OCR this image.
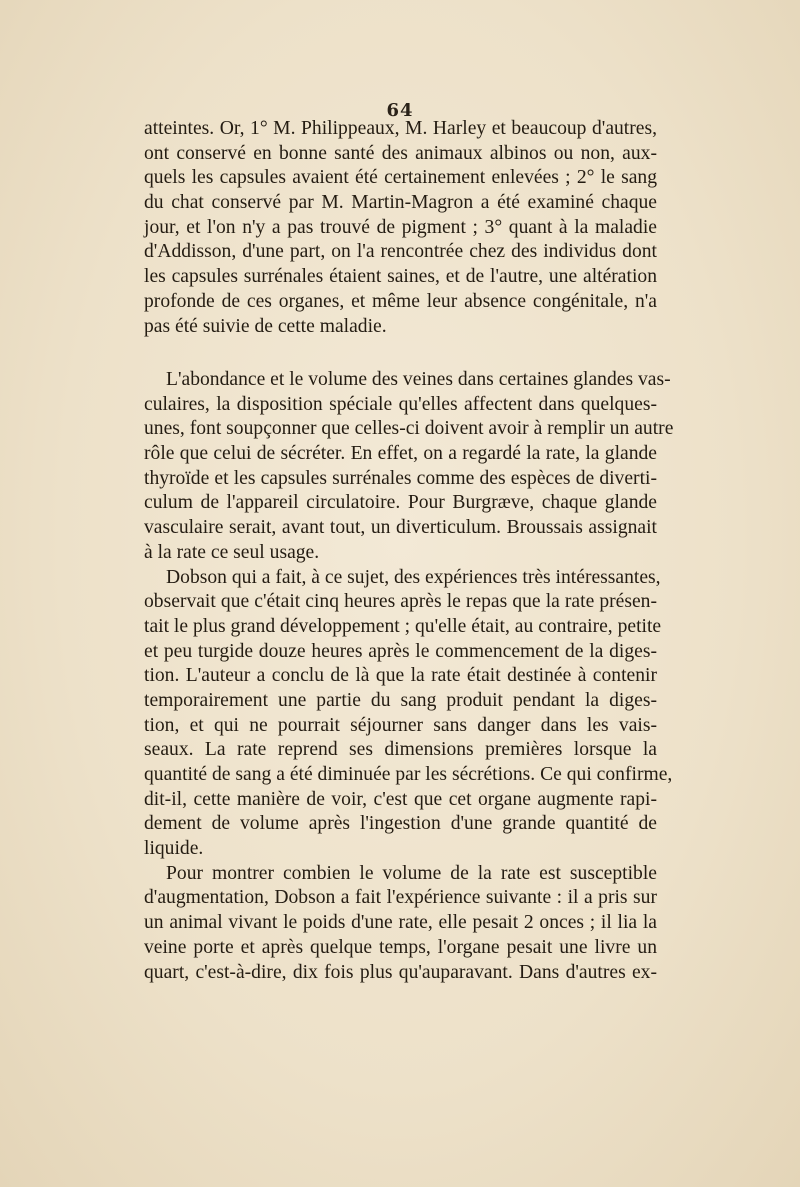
64
atteintes. Or, 1° M. Philippeaux, M. Harley et beaucoup d'autres,
ont conservé en bonne santé des animaux albinos ou non, aux-
quels les capsules avaient été certainement enlevées ; 2° le sang
du chat conservé par M. Martin-Magron a été examiné chaque
jour, et l'on n'y a pas trouvé de pigment ; 3° quant à la maladie
d'Addisson, d'une part, on l'a rencontrée chez des individus dont
les capsules surrénales étaient saines, et de l'autre, une altération
profonde de ces organes, et même leur absence congénitale, n'a
pas été suivie de cette maladie.
L'abondance et le volume des veines dans certaines glandes vas-
culaires, la disposition spéciale qu'elles affectent dans quelques-
unes, font soupçonner que celles-ci doivent avoir à remplir un autre
rôle que celui de sécréter. En effet, on a regardé la rate, la glande
thyroïde et les capsules surrénales comme des espèces de diverti-
culum de l'appareil circulatoire. Pour Burgræve, chaque glande
vasculaire serait, avant tout, un diverticulum. Broussais assignait
à la rate ce seul usage.
Dobson qui a fait, à ce sujet, des expériences très intéressantes,
observait que c'était cinq heures après le repas que la rate présen-
tait le plus grand développement ; qu'elle était, au contraire, petite
et peu turgide douze heures après le commencement de la diges-
tion. L'auteur a conclu de là que la rate était destinée à contenir
temporairement une partie du sang produit pendant la diges-
tion, et qui ne pourrait séjourner sans danger dans les vais-
seaux. La rate reprend ses dimensions premières lorsque la
quantité de sang a été diminuée par les sécrétions. Ce qui confirme,
dit-il, cette manière de voir, c'est que cet organe augmente rapi-
dement de volume après l'ingestion d'une grande quantité de
liquide.
Pour montrer combien le volume de la rate est susceptible
d'augmentation, Dobson a fait l'expérience suivante : il a pris sur
un animal vivant le poids d'une rate, elle pesait 2 onces ; il lia la
veine porte et après quelque temps, l'organe pesait une livre un
quart, c'est-à-dire, dix fois plus qu'auparavant. Dans d'autres ex-
